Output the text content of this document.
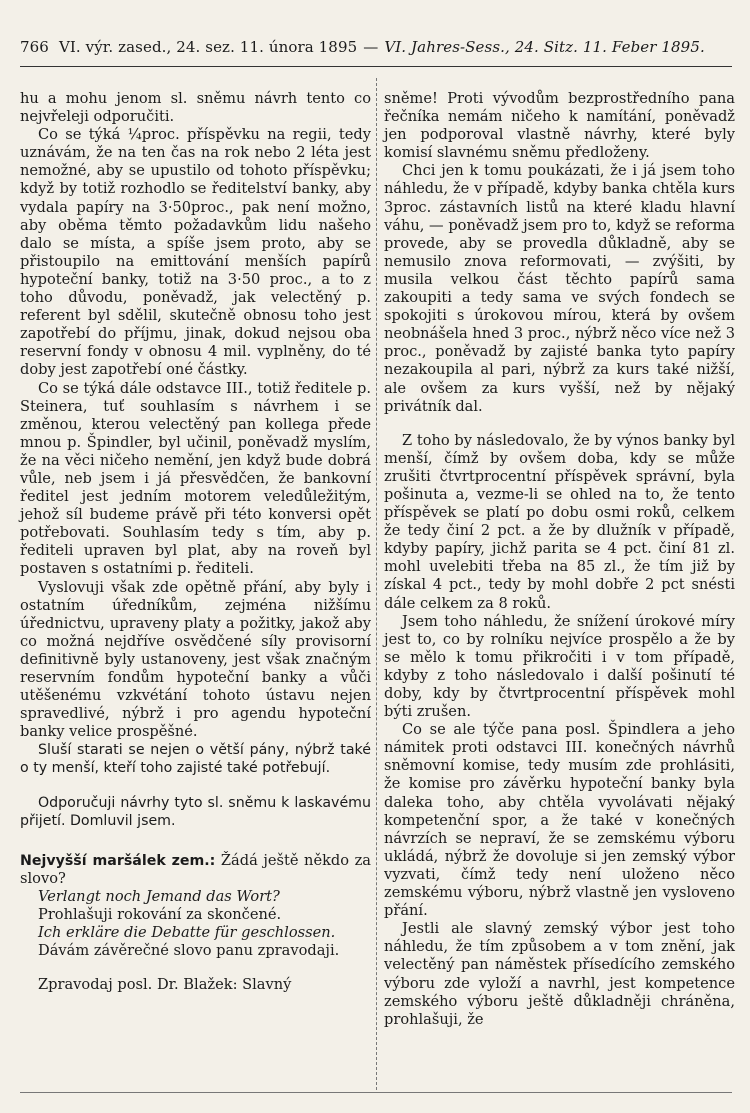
766 VI. výr. zased., 24. sez. 11. února 1895 — VI. Jahres-Sess., 24. Sitz. 11. Feber 1895.

hu a mohu jenom sl. sněmu návrh tento co nejvřeleji odporučiti.

Co se týká ¼proc. příspěvku na regii, tedy uznávám, že na ten čas na rok nebo 2 léta jest nemožné, aby se upustilo od tohoto příspěvku; když by totiž rozhodlo se ředitelství banky, aby vydala papíry na 3·50proc., pak není možno, aby oběma těmto požadavkům lidu našeho dalo se místa, a spíše jsem proto, aby se přistoupilo na emittování menších papírů hypoteční banky, totiž na 3·50 proc., a to z toho důvodu, poněvadž, jak velectěný p. referent byl sdělil, skutečně obnosu toho jest zapotřebí do příjmu, jinak, dokud nejsou oba reservní fondy v obnosu 4 mil. vyplněny, do té doby jest zapotřebí oné částky.

Co se týká dále odstavce III., totiž ředitele p. Steinera, tuť souhlasím s návrhem i se změnou, kterou velectěný pan kollega přede mnou p. Špindler, byl učinil, poněvadž myslím, že na věci ničeho nemění, jen když bude dobrá vůle, neb jsem i já přesvědčen, že bankovní ředitel jest jedním motorem veledůležitým, jehož síl budeme právě při této konversi opět potřebovati. Souhlasím tedy s tím, aby p. řediteli upraven byl plat, aby na roveň byl postaven s ostatními p. řediteli.

Vyslovuji však zde opětně přání, aby byly i ostatním úředníkům, zejména nižšímu úřednictvu, upraveny platy a požitky, jakož aby co možná nejdříve osvědčené síly provisorní definitivně byly ustanoveny, jest však značným reservním fondům hypoteční banky a vůči utěšenému vzkvétání tohoto ústavu nejen spravedlivé, nýbrž i pro agendu hypoteční banky velice prospěšné.

Sluší starati se nejen o větší pány, nýbrž také o ty menší, kteří toho zajisté také potřebují.

Odporučuji návrhy tyto sl. sněmu k laskavému přijetí. Domluvil jsem.

Nejvyšší maršálek zem.: Žádá ještě někdo za slovo?

Verlangt noch Jemand das Wort?

Prohlašuji rokování za skončené.

Ich erkläre die Debatte für geschlossen.

Dávám závěrečné slovo panu zpravodaji.

Zpravodaj posl. Dr. Blažek: Slavný

sněme! Proti vývodům bezprostředního pana řečníka nemám ničeho k namítání, poněvadž jen podporoval vlastně návrhy, které byly komisí slavnému sněmu předloženy.

Chci jen k tomu poukázati, že i já jsem toho náhledu, že v případě, kdyby banka chtěla kurs 3proc. zástavních listů na které kladu hlavní váhu, — poněvadž jsem pro to, když se reforma provede, aby se provedla důkladně, aby se nemusilo znova reformovati, — zvýšiti, by musila velkou část těchto papírů sama zakoupiti a tedy sama ve svých fondech se spokojiti s úrokovou mírou, která by ovšem neobnášela hned 3 proc., nýbrž něco více než 3 proc., poněvadž by zajisté banka tyto papíry nezakoupila al pari, nýbrž za kurs také nižší, ale ovšem za kurs vyšší, než by nějaký privátník dal.

Z toho by následovalo, že by výnos banky byl menší, čímž by ovšem doba, kdy se může zrušiti čtvrtprocentní příspěvek správní, byla pošinuta a, vezme-li se ohled na to, že tento příspěvek se platí po dobu osmi roků, celkem že tedy činí 2 pct. a že by dlužník v případě, kdyby papíry, jichž parita se 4 pct. činí 81 zl. mohl uvelebiti třeba na 85 zl., že tím již by získal 4 pct., tedy by mohl dobře 2 pct snésti dále celkem za 8 roků.

Jsem toho náhledu, že snížení úrokové míry jest to, co by rolníku nejvíce prospělo a že by se mělo k tomu přikročiti i v tom případě, kdyby z toho následovalo i další pošinutí té doby, kdy by čtvrtprocentní příspěvek mohl býti zrušen.

Co se ale týče pana posl. Špindlera a jeho námitek proti odstavci III. konečných návrhů sněmovní komise, tedy musím zde prohlásiti, že komise pro závěrku hypoteční banky byla daleka toho, aby chtěla vyvolávati nějaký kompetenční spor, a že také v konečných návrzích se nepraví, že se zemskému výboru ukládá, nýbrž že dovoluje si jen zemský výbor vyzvati, čímž tedy není uloženo něco zemskému výboru, nýbrž vlastně jen vysloveno přání.

Jestli ale slavný zemský výbor jest toho náhledu, že tím způsobem a v tom znění, jak velectěný pan náměstek přísedícího zemského výboru zde vyloží a navrhl, jest kompetence zemského výboru ještě důkladněji chráněna, prohlašuji, že
